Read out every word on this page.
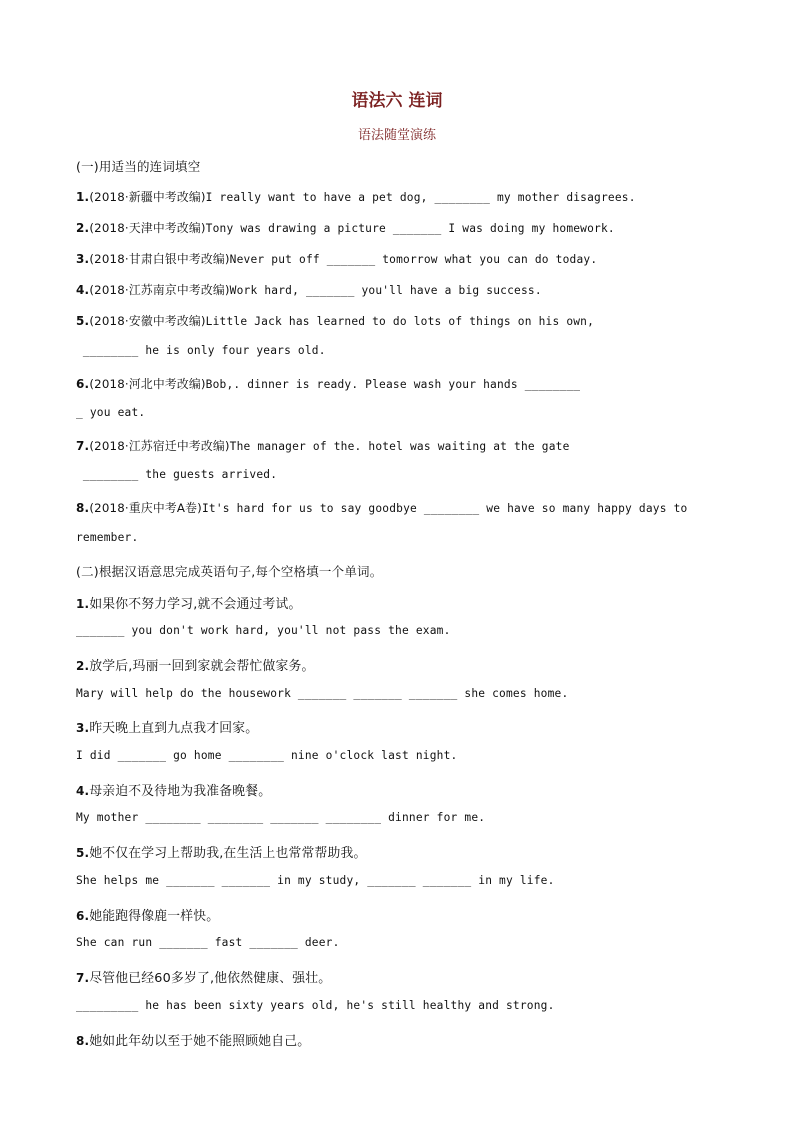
语法六 连词
语法随堂演练
(一)用适当的连词填空
1.(2018·新疆中考改编)I really want to have a pet dog, ________ my mother disagrees.
2.(2018·天津中考改编)Tony was drawing a picture _______ I was doing my homework.
3.(2018·甘肃白银中考改编)Never put off _______ tomorrow what you can do today.
4.(2018·江苏南京中考改编)Work hard, _______ you'll have a big success.
5.(2018·安徽中考改编)Little Jack has learned to do lots of things on his own,
________ he is only four years old.
6.(2018·河北中考改编)Bob,. dinner is ready. Please wash your hands ________
_ you eat.
7.(2018·江苏宿迁中考改编)The manager of the. hotel was waiting at the gate
________ the guests arrived.
8.(2018·重庆中考A卷)It's hard for us to say goodbye ________ we have so many happy days to
remember.
(二)根据汉语意思完成英语句子,每个空格填一个单词。
1.如果你不努力学习,就不会通过考试。
_______ you don't work hard, you'll not pass the exam.
2.放学后,玛丽一回到家就会帮忙做家务。
Mary will help do the housework _______ _______ _______ she comes home.
3.昨天晚上直到九点我才回家。
I did _______ go home ________ nine o'clock last night.
4.母亲迫不及待地为我准备晚餐。
My mother ________ ________ _______ ________ dinner for me.
5.她不仅在学习上帮助我,在生活上也常常帮助我。
She helps me _______ _______ in my study, _______ _______ in my life.
6.她能跑得像鹿一样快。
She can run _______ fast _______ deer.
7.尽管他已经60多岁了,他依然健康、强壮。
_________ he has been sixty years old, he's still healthy and strong.
8.她如此年幼以至于她不能照顾她自己。
